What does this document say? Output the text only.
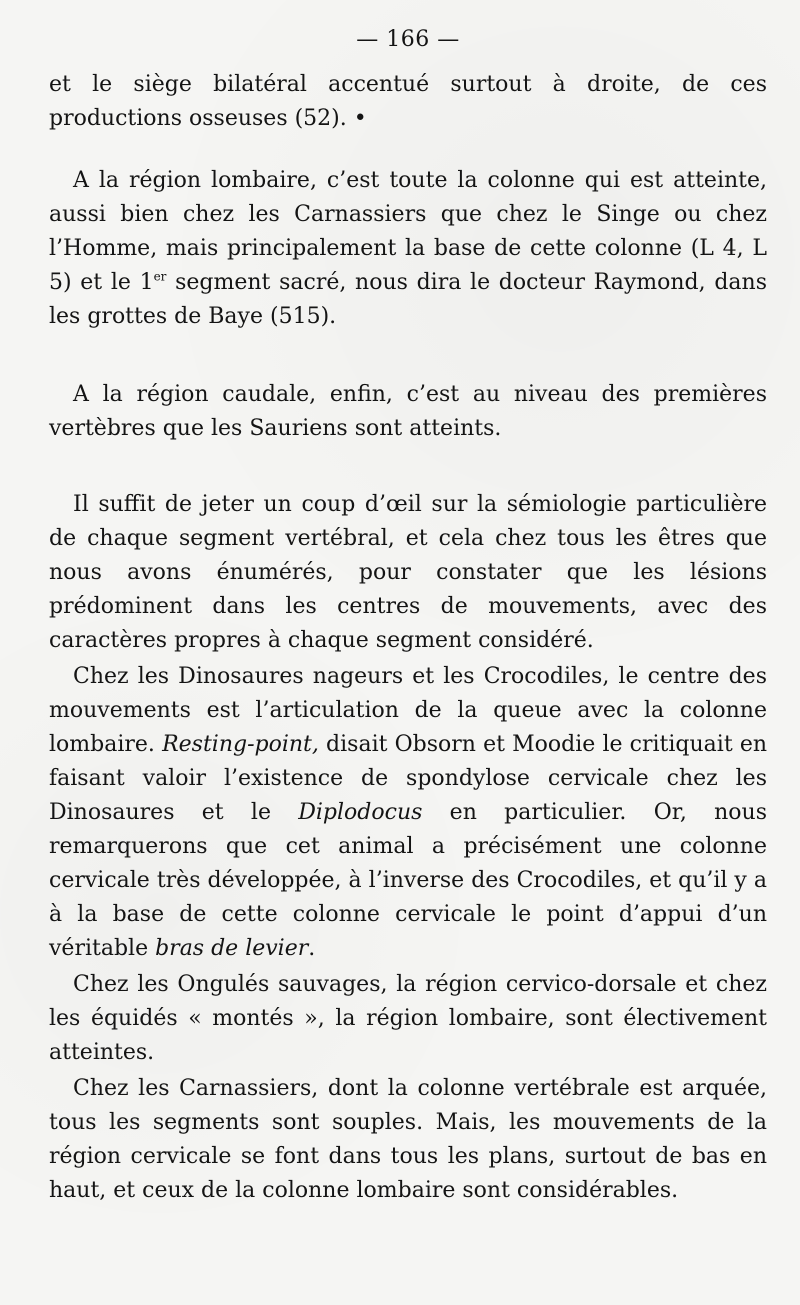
— 166 —

et le siège bilatéral accentué surtout à droite, de ces productions osseuses (52). •

A la région lombaire, c’est toute la colonne qui est atteinte, aussi bien chez les Carnassiers que chez le Singe ou chez l’Homme, mais principalement la base de cette colonne (L 4, L 5) et le 1er segment sacré, nous dira le docteur Raymond, dans les grottes de Baye (515).

A la région caudale, enfin, c’est au niveau des premières vertèbres que les Sauriens sont atteints.

Il suffit de jeter un coup d’œil sur la sémiologie particulière de chaque segment vertébral, et cela chez tous les êtres que nous avons énumérés, pour constater que les lésions prédominent dans les centres de mouvements, avec des caractères propres à chaque segment considéré.

Chez les Dinosaures nageurs et les Crocodiles, le centre des mouvements est l’articulation de la queue avec la colonne lombaire. Resting-point, disait Obsorn et Moodie le critiquait en faisant valoir l’existence de spondylose cervicale chez les Dinosaures et le Diplodocus en particulier. Or, nous remarquerons que cet animal a précisément une colonne cervicale très développée, à l’inverse des Crocodiles, et qu’il y a à la base de cette colonne cervicale le point d’appui d’un véritable bras de levier.

Chez les Ongulés sauvages, la région cervico-dorsale et chez les équidés « montés », la région lombaire, sont électivement atteintes.

Chez les Carnassiers, dont la colonne vertébrale est arquée, tous les segments sont souples. Mais, les mouvements de la région cervicale se font dans tous les plans, surtout de bas en haut, et ceux de la colonne lombaire sont considérables.
